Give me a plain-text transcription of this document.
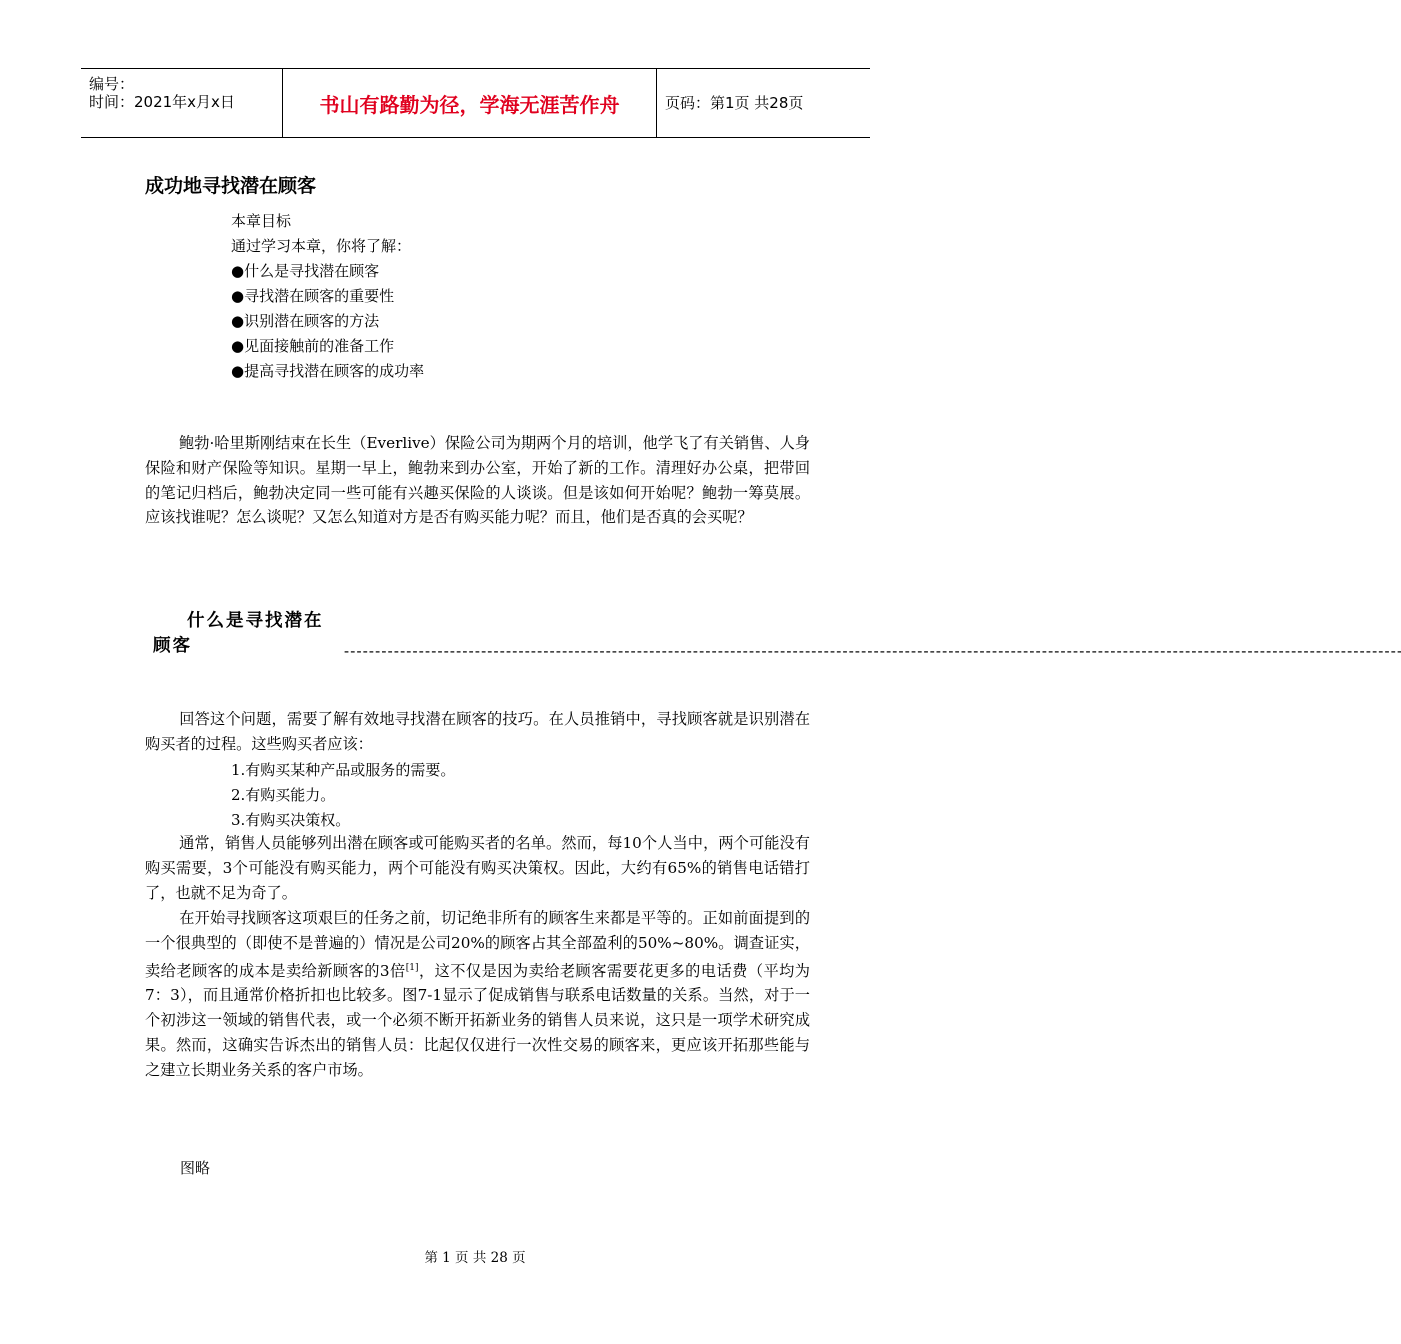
编号：
时间：2021年x月x日	书山有路勤为径，学海无涯苦作舟	页码：第1页 共28页
成功地寻找潜在顾客
本章目标
通过学习本章，你将了解：
●什么是寻找潜在顾客
●寻找潜在顾客的重要性
●识别潜在顾客的方法
●见面接触前的准备工作
●提高寻找潜在顾客的成功率
鲍勃·哈里斯刚结束在长生（Everlive）保险公司为期两个月的培训，他学飞了有关销售、人身保险和财产保险等知识。星期一早上，鲍勃来到办公室，开始了新的工作。清理好办公桌，把带回的笔记归档后，鲍勃决定同一些可能有兴趣买保险的人谈谈。但是该如何开始呢？鲍勃一筹莫展。应该找谁呢？怎么谈呢？又怎么知道对方是否有购买能力呢？而且，他们是否真的会买呢？
什么是寻找潜在
顾客	--------------------------------------------------------------------------------------------------------------------------------------------------------------------------
回答这个问题，需要了解有效地寻找潜在顾客的技巧。在人员推销中，寻找顾客就是识别潜在购买者的过程。这些购买者应该：
1.有购买某种产品或服务的需要。
2.有购买能力。
3.有购买决策权。
通常，销售人员能够列出潜在顾客或可能购买者的名单。然而，每10个人当中，两个可能没有购买需要，3个可能没有购买能力，两个可能没有购买决策权。因此，大约有65%的销售电话错打了，也就不足为奇了。
在开始寻找顾客这项艰巨的任务之前，切记绝非所有的顾客生来都是平等的。正如前面提到的一个很典型的（即使不是普遍的）情况是公司20%的顾客占其全部盈利的50%~80%。调查证实，卖给老顾客的成本是卖给新顾客的3倍[1]，这不仅是因为卖给老顾客需要花更多的电话费（平均为7：3），而且通常价格折扣也比较多。图7-1显示了促成销售与联系电话数量的关系。当然，对于一个初涉这一领域的销售代表，或一个必须不断开拓新业务的销售人员来说，这只是一项学术研究成果。然而，这确实告诉杰出的销售人员：比起仅仅进行一次性交易的顾客来，更应该开拓那些能与之建立长期业务关系的客户市场。
图略
第 1 页 共 28 页
